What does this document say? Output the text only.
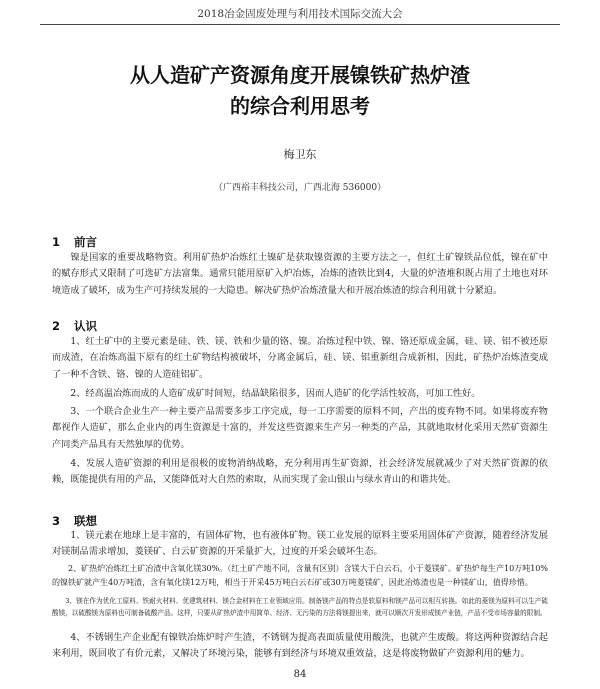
2018冶金固废处理与利用技术国际交流大会
从人造矿产资源角度开展镍铁矿热炉渣
的综合利用思考
梅卫东
（广西裕丰科技公司，广西北海 536000）
1 前言

镍是国家的重要战略物资。利用矿热炉冶炼红土镍矿是获取镍资源的主要方法之一，但红土矿镍铁品位低，镍在矿中的赋存形式又限制了可选矿方法富集。通常只能用原矿入炉冶炼，冶炼的渣铁比到4，大量的炉渣堆积既占用了土地也对环境造成了破坏，成为生产可持续发展的一大隐患。解决矿热炉冶炼渣量大和开展冶炼渣的综合利用就十分紧迫。

2 认识

1、红土矿中的主要元素是硅、铁、镁、铁和少量的铬、镍。冶炼过程中铁、镍、铬还原成金属，硅、镁、铝不被还原而成渣，在冶炼高温下原有的红土矿物结构被破坏，分离金属后，硅、镁、铝重新组合成新相，因此，矿热炉冶炼渣变成了一种不含铁、铬、镍的人造硅铝矿。

2、经高温冶炼而成的人造矿成矿时间短，结晶缺陷很多，因而人造矿的化学活性较高，可加工性好。

3、一个联合企业生产一种主要产品需要多步工序完成，每一工序需要的原料不同，产出的废弃物不同。如果将废弃物都视作人造矿，那么企业内的再生资源是十富的，并发这些资源来生产另一种类的产品，其就地取材化采用天然矿资源生产同类产品具有天然独厚的优势。

4、发展人造矿资源的利用是很极的废物消纳战略，充分利用再生矿资源，社会经济发展就减少了对天然矿资源的依赖，既能提供有用的产品，又能降低对大自然的索取，从而实现了金山银山与绿水青山的和谐共处。

3 联想

1、镁元素在地球上是丰富的，有固体矿物，也有液体矿物。镁工业发展的原料主要采用固体矿产资源，随着经济发展对镁制品需求增加，菱镁矿、白云矿资源的开采量扩大，过度的开采会破坏生态。

2、矿热炉冶炼红土矿冶渣中含氧化镁30%。（红土矿产地不同，含量有区别）含镁大于白云石，小于菱镁矿。矿热炉每生产10万吨10%的镍铁矿就产生40万吨渣，含有氧化镁12万吨，相当于开采45万吨白云石矿或30万吨菱镁矿，因此冶炼渣也是一种镁矿山，值得珍惜。

3、镁在作为优化工原料、铁耐火材料、优建筑材料、镁合金材料在工业领域应用。制备镁产品的特点是软原料和镁产品可以相互转换。如此的菱镁为原料可以生产硫酸镁，以硫酸镁为原料也可制备硫酸产品。这样，只要从矿热炉渣中用简单、经济、无污染的方法将镁提出来，就可以顺次开发形成镁产业链，产品不受市场容量的限制。

4、不锈钢生产企业配有镍铁冶炼炉时产生渣，不锈钢为提高表面质量使用酸洗，也就产生废酸。将这两种资源结合起来利用，既回收了有价元素，又解决了环境污染，能够有到经济与环境双重效益，这是将废物做矿产资源利用的魅力。

84
